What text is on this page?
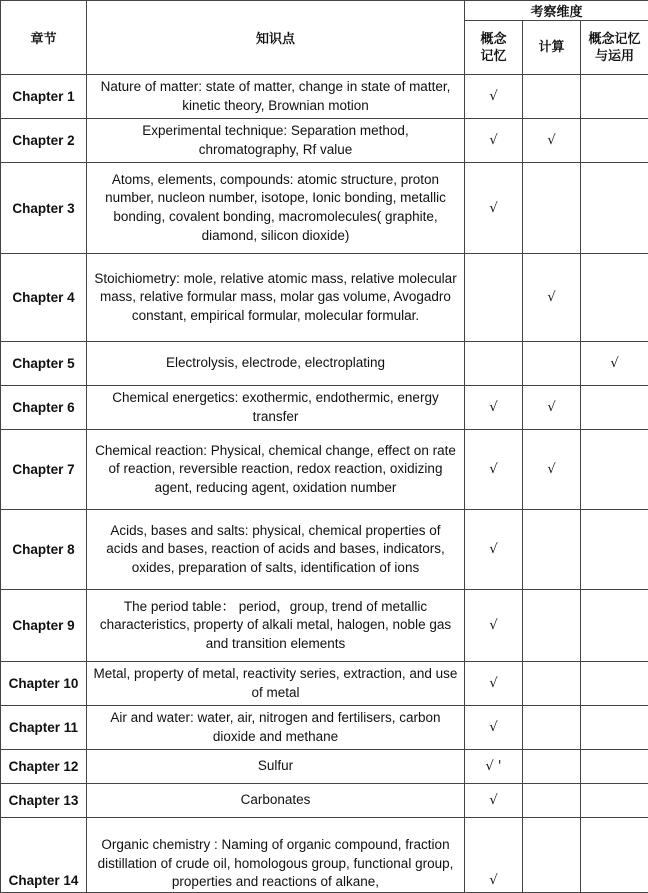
章节	知识点	考察维度		

		概念记忆	计算	概念记忆与运用

Chapter 1	Nature of matter: state of matter, change in state of matter, kinetic theory, Brownian motion	√		
Chapter 2	Experimental technique: Separation method, chromatography, Rf value	√	√	
Chapter 3	Atoms, elements, compounds: atomic structure, proton number, nucleon number, isotope, Ionic bonding, metallic bonding, covalent bonding, macromolecules( graphite, diamond, silicon dioxide)	√		
Chapter 4	Stoichiometry: mole, relative atomic mass, relative molecular mass, relative formular mass, molar gas volume, Avogadro constant, empirical formular, molecular formular.		√	
Chapter 5	Electrolysis, electrode, electroplating			√
Chapter 6	Chemical energetics: exothermic, endothermic, energy transfer	√	√	
Chapter 7	Chemical reaction: Physical, chemical change, effect on rate of reaction, reversible reaction, redox reaction, oxidizing agent, reducing agent, oxidation number	√	√	
Chapter 8	Acids, bases and salts: physical, chemical properties of acids and bases, reaction of acids and bases, indicators, oxides, preparation of salts, identification of ions	√		
Chapter 9	The period table： period，group, trend of metallic characteristics, property of alkali metal, halogen, noble gas and transition elements	√		
Chapter 10	Metal, property of metal, reactivity series, extraction, and use of metal	√		
Chapter 11	Air and water: water, air, nitrogen and fertilisers, carbon dioxide and methane	√		
Chapter 12	Sulfur	√ '		
Chapter 13	Carbonates	√		
Chapter 14	Organic chemistry : Naming of organic compound, fraction distillation of crude oil, homologous group, functional group, properties and reactions of alkane,	√		
